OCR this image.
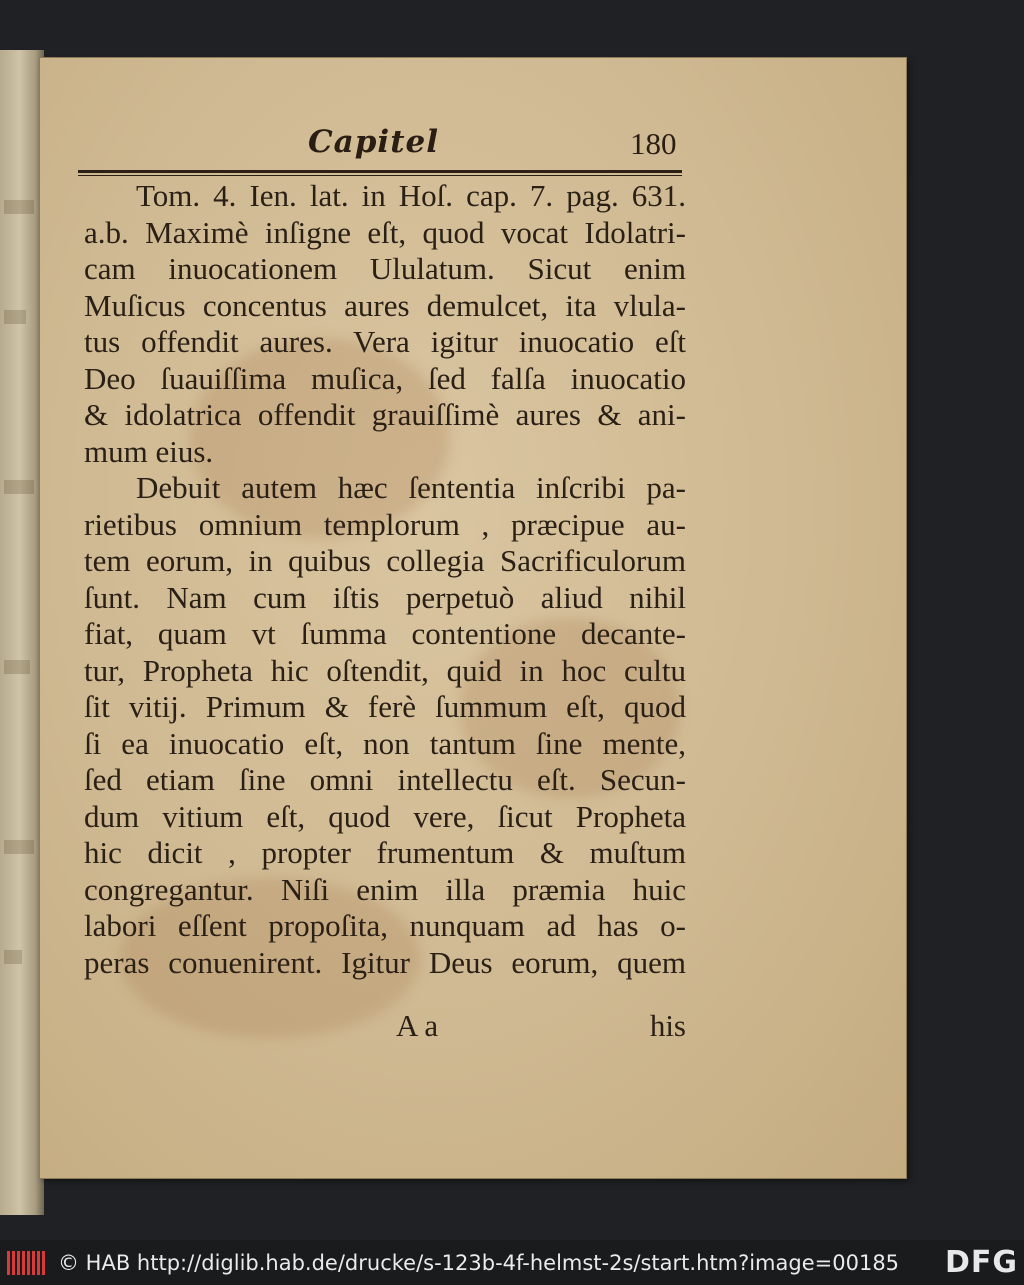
Capitel	180
Tom. 4. Ien. lat. in Hoſ. cap. 7. pag. 631.
a.b. Maximè inſigne eſt, quod vocat Idolatri-
cam inuocationem Ululatum. Sicut enim
Muſicus concentus aures demulcet, ita vlula-
tus offendit aures. Vera igitur inuocatio eſt
Deo ſuauiſſima muſica, ſed falſa inuocatio
& idolatrica offendit grauiſſimè aures & ani-
mum eius.
Debuit autem hæc ſententia inſcribi pa-
rietibus omnium templorum , præcipue au-
tem eorum, in quibus collegia Sacrificulorum
ſunt. Nam cum iſtis perpetuò aliud nihil
fiat, quam vt ſumma contentione decante-
tur, Propheta hic oſtendit, quid in hoc cultu
ſit vitij. Primum & ferè ſummum eſt, quod
ſi ea inuocatio eſt, non tantum ſine mente,
ſed etiam ſine omni intellectu eſt. Secun-
dum vitium eſt, quod vere, ſicut Propheta
hic dicit , propter frumentum & muſtum
congregantur. Niſi enim illa præmia huic
labori eſſent propoſita, nunquam ad has o-
peras conuenirent. Igitur Deus eorum, quem
A a	his
© HAB http://diglib.hab.de/drucke/s-123b-4f-helmst-2s/start.htm?image=00185 DFG
